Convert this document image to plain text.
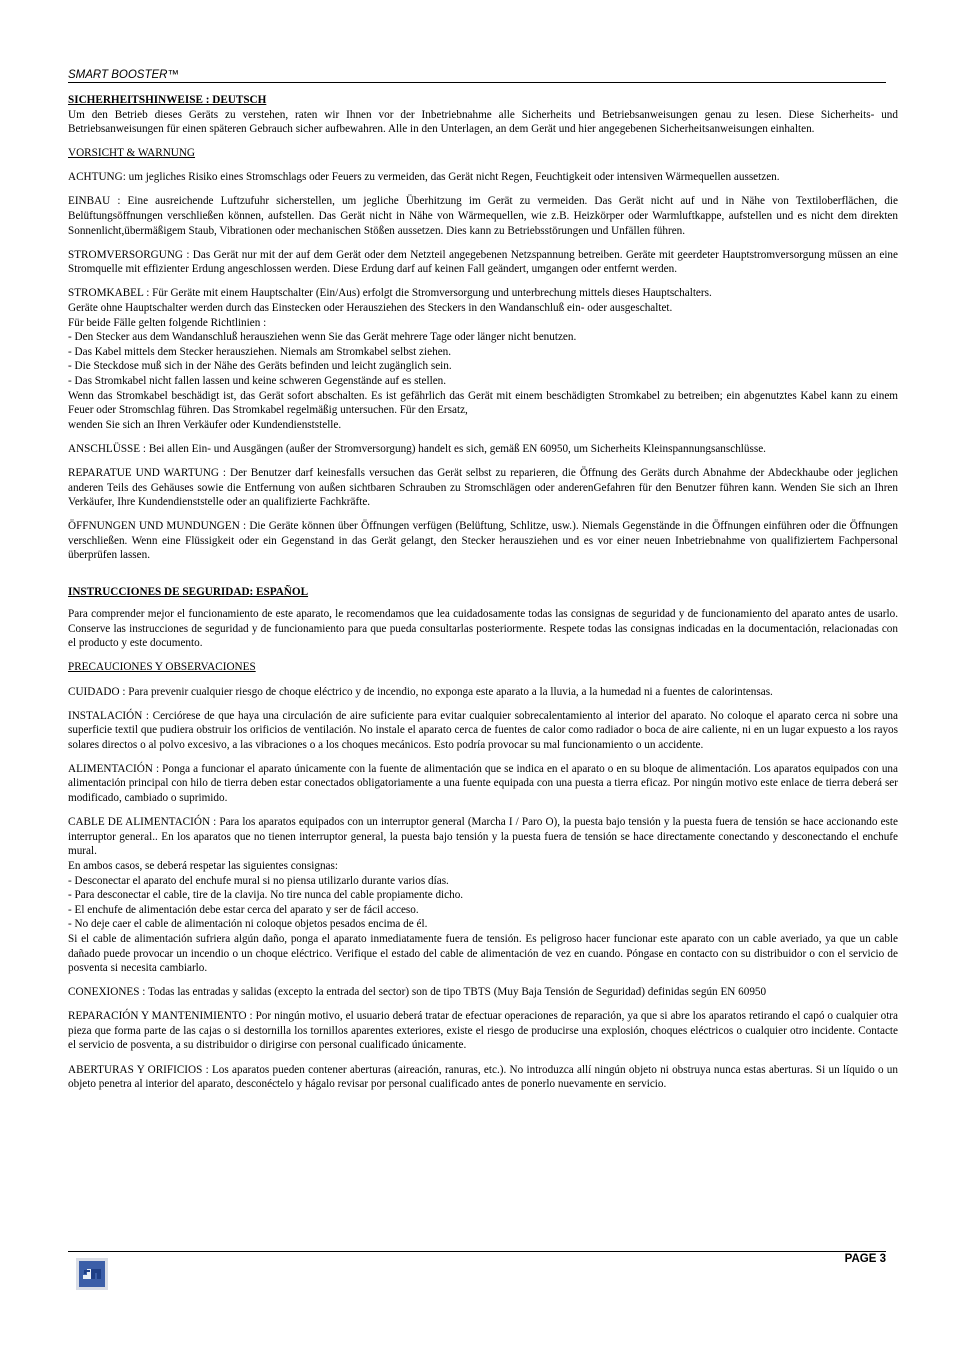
SMART BOOSTER™

SICHERHEITSHINWEISE : DEUTSCH

Um den Betrieb dieses Geräts zu verstehen, raten wir Ihnen vor der Inbetriebnahme alle Sicherheits und Betriebsanweisungen genau zu lesen. Diese Sicherheits- und Betriebsanweisungen für einen späteren Gebrauch sicher aufbewahren. Alle in den Unterlagen, an dem Gerät und hier angegebenen Sicherheitsanweisungen einhalten.

VORSICHT & WARNUNG

ACHTUNG: um jegliches Risiko eines Stromschlags oder Feuers zu vermeiden, das Gerät nicht Regen, Feuchtigkeit oder intensiven Wärmequellen aussetzen.

EINBAU : Eine ausreichende Luftzufuhr sicherstellen, um jegliche Überhitzung im Gerät zu vermeiden. Das Gerät nicht auf und in Nähe von Textiloberflächen, die Belüftungsöffnungen verschließen können, aufstellen. Das Gerät nicht in Nähe von Wärmequellen, wie z.B. Heizkörper oder Warmluftkappe, aufstellen und es nicht dem direkten Sonnenlicht,übermäßigem Staub, Vibrationen oder mechanischen Stößen aussetzen. Dies kann zu Betriebsstörungen und Unfällen führen.

STROMVERSORGUNG : Das Gerät nur mit der auf dem Gerät oder dem Netzteil angegebenen Netzspannung betreiben. Geräte mit geerdeter Hauptstromversorgung müssen an eine Stromquelle mit effizienter Erdung angeschlossen werden. Diese Erdung darf auf keinen Fall geändert, umgangen oder entfernt werden.

STROMKABEL : Für Geräte mit einem Hauptschalter (Ein/Aus) erfolgt die Stromversorgung und unterbrechung mittels dieses Hauptschalters.

Geräte ohne Hauptschalter werden durch das Einstecken oder Herausziehen des Steckers in den Wandanschluß ein- oder ausgeschaltet.

Für beide Fälle gelten folgende Richtlinien :

- Den Stecker aus dem Wandanschluß herausziehen wenn Sie das Gerät mehrere Tage oder länger nicht benutzen.

- Das Kabel mittels dem Stecker herausziehen. Niemals am Stromkabel selbst ziehen.

- Die Steckdose muß sich in der Nähe des Geräts befinden und leicht zugänglich sein.

- Das Stromkabel nicht fallen lassen und keine schweren Gegenstände auf es stellen.

Wenn das Stromkabel beschädigt ist, das Gerät sofort abschalten. Es ist gefährlich das Gerät mit einem beschädigten Stromkabel zu betreiben; ein abgenutztes Kabel kann zu einem Feuer oder Stromschlag führen. Das Stromkabel regelmäßig untersuchen. Für den Ersatz,

wenden Sie sich an Ihren Verkäufer oder Kundendienststelle.

ANSCHLÜSSE : Bei allen Ein- und Ausgängen (außer der Stromversorgung) handelt es sich, gemäß EN 60950, um Sicherheits Kleinspannungsanschlüsse.

REPARATUE UND WARTUNG : Der Benutzer darf keinesfalls versuchen das Gerät selbst zu reparieren, die Öffnung des Geräts durch Abnahme der Abdeckhaube oder jeglichen anderen Teils des Gehäuses sowie die Entfernung von außen sichtbaren Schrauben zu Stromschlägen oder anderenGefahren für den Benutzer führen kann. Wenden Sie sich an Ihren Verkäufer, Ihre Kundendienststelle oder an qualifizierte Fachkräfte.

ÖFFNUNGEN UND MUNDUNGEN : Die Geräte können über Öffnungen verfügen (Belüftung, Schlitze, usw.). Niemals Gegenstände in die Öffnungen einführen oder die Öffnungen verschließen. Wenn eine Flüssigkeit oder ein Gegenstand in das Gerät gelangt, den Stecker herausziehen und es vor einer neuen Inbetriebnahme von qualifiziertem Fachpersonal überprüfen lassen.

INSTRUCCIONES DE SEGURIDAD: ESPAÑOL

Para comprender mejor el funcionamiento de este aparato, le recomendamos que lea cuidadosamente todas las consignas de seguridad y de funcionamiento del aparato antes de usarlo. Conserve las instrucciones de seguridad y de funcionamiento para que pueda consultarlas posteriormente. Respete todas las consignas indicadas en la documentación, relacionadas con el producto y este documento.

PRECAUCIONES Y OBSERVACIONES

CUIDADO : Para prevenir cualquier riesgo de choque eléctrico y de incendio, no exponga este aparato a la lluvia, a la humedad ni a fuentes de calorintensas.

INSTALACIÓN : Cerciórese de que haya una circulación de aire suficiente para evitar cualquier sobrecalentamiento al interior del aparato. No coloque el aparato cerca ni sobre una superficie textil que pudiera obstruir los orificios de ventilación. No instale el aparato cerca de fuentes de calor como radiador o boca de aire caliente, ni en un lugar expuesto a los rayos solares directos o al polvo excesivo, a las vibraciones o a los choques mecánicos. Esto podría provocar su mal funcionamiento o un accidente.

ALIMENTACIÓN : Ponga a funcionar el aparato únicamente con la fuente de alimentación que se indica en el aparato o en su bloque de alimentación. Los aparatos equipados con una alimentación principal con hilo de tierra deben estar conectados obligatoriamente a una fuente equipada con una puesta a tierra eficaz. Por ningún motivo este enlace de tierra deberá ser modificado, cambiado o suprimido.

CABLE DE ALIMENTACIÓN : Para los aparatos equipados con un interruptor general (Marcha I / Paro O), la puesta bajo tensión y la puesta fuera de tensión se hace accionando este interruptor general.. En los aparatos que no tienen interruptor general, la puesta bajo tensión y la puesta fuera de tensión se hace directamente conectando y desconectando el enchufe mural.

En ambos casos, se deberá respetar las siguientes consignas:

- Desconectar el aparato del enchufe mural si no piensa utilizarlo durante varios días.

- Para desconectar el cable, tire de la clavija. No tire nunca del cable propiamente dicho.

- El enchufe de alimentación debe estar cerca del aparato y ser de fácil acceso.

- No deje caer el cable de alimentación ni coloque objetos pesados encima de él.

Si el cable de alimentación sufriera algún daño, ponga el aparato inmediatamente fuera de tensión. Es peligroso hacer funcionar este aparato con un cable averiado, ya que un cable dañado puede provocar un incendio o un choque eléctrico. Verifique el estado del cable de alimentación de vez en cuando. Póngase en contacto con su distribuidor o con el servicio de posventa si necesita cambiarlo.

CONEXIONES : Todas las entradas y salidas (excepto la entrada del sector) son de tipo TBTS (Muy Baja Tensión de Seguridad) definidas según EN 60950

REPARACIÓN Y MANTENIMIENTO : Por ningún motivo, el usuario deberá tratar de efectuar operaciones de reparación, ya que si abre los aparatos retirando el capó o cualquier otra pieza que forma parte de las cajas o si destornilla los tornillos aparentes exteriores, existe el riesgo de producirse una explosión, choques eléctricos o cualquier otro incidente. Contacte el servicio de posventa, a su distribuidor o dirigirse con personal cualificado únicamente.

ABERTURAS Y ORIFICIOS : Los aparatos pueden contener aberturas (aireación, ranuras, etc.). No introduzca allí ningún objeto ni obstruya nunca estas aberturas. Si un líquido o un objeto penetra al interior del aparato, desconéctelo y hágalo revisar por personal cualificado antes de ponerlo nuevamente en servicio.

PAGE 3
